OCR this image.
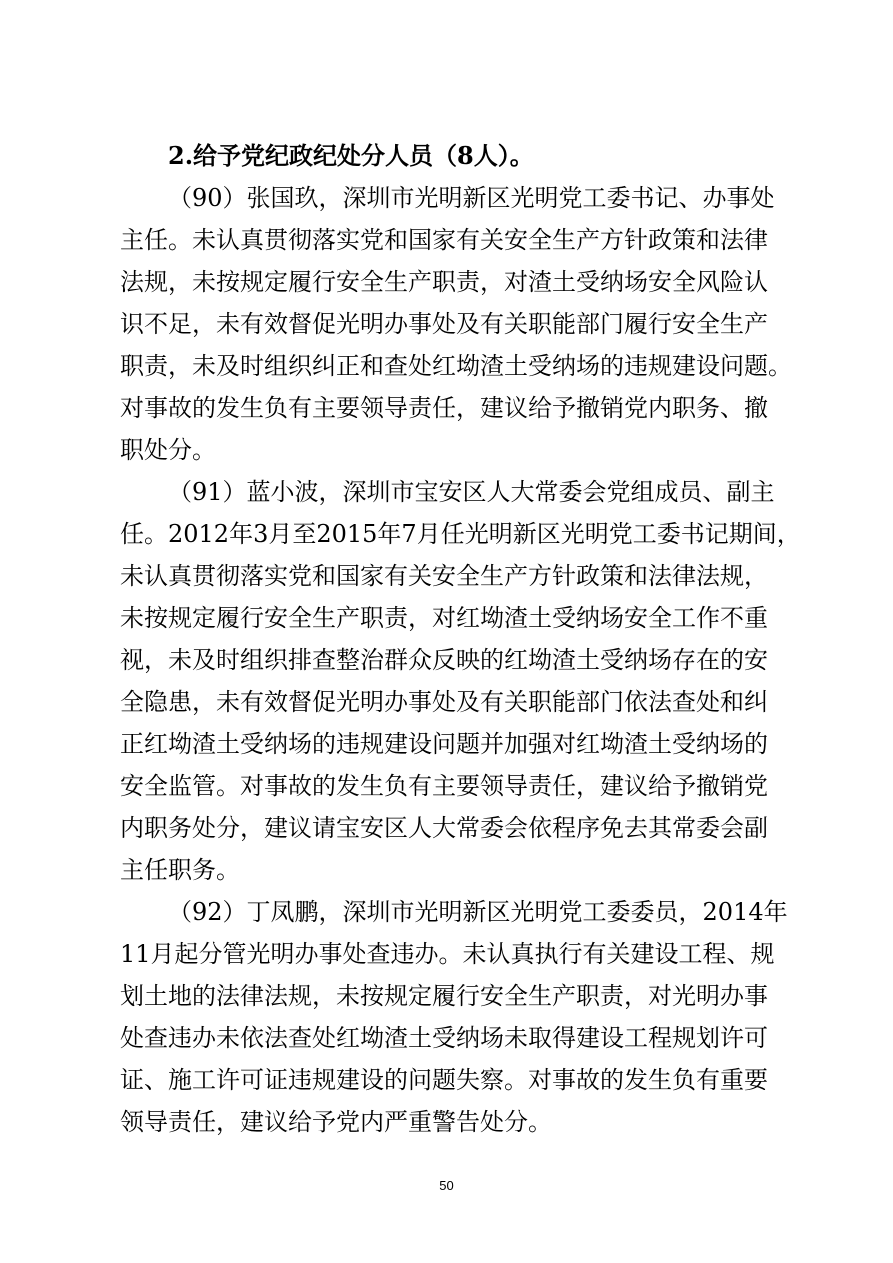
2.给予党纪政纪处分人员（8人）。
（90）张国玖，深圳市光明新区光明党工委书记、办事处
主任。未认真贯彻落实党和国家有关安全生产方针政策和法律
法规，未按规定履行安全生产职责，对渣土受纳场安全风险认
识不足，未有效督促光明办事处及有关职能部门履行安全生产
职责，未及时组织纠正和查处红坳渣土受纳场的违规建设问题。
对事故的发生负有主要领导责任，建议给予撤销党内职务、撤
职处分。
（91）蓝小波，深圳市宝安区人大常委会党组成员、副主
任。2012年3月至2015年7月任光明新区光明党工委书记期间，
未认真贯彻落实党和国家有关安全生产方针政策和法律法规，
未按规定履行安全生产职责，对红坳渣土受纳场安全工作不重
视，未及时组织排查整治群众反映的红坳渣土受纳场存在的安
全隐患，未有效督促光明办事处及有关职能部门依法查处和纠
正红坳渣土受纳场的违规建设问题并加强对红坳渣土受纳场的
安全监管。对事故的发生负有主要领导责任，建议给予撤销党
内职务处分，建议请宝安区人大常委会依程序免去其常委会副
主任职务。
（92）丁凤鹏，深圳市光明新区光明党工委委员，2014年
11月起分管光明办事处查违办。未认真执行有关建设工程、规
划土地的法律法规，未按规定履行安全生产职责，对光明办事
处查违办未依法查处红坳渣土受纳场未取得建设工程规划许可
证、施工许可证违规建设的问题失察。对事故的发生负有重要
领导责任，建议给予党内严重警告处分。
50
